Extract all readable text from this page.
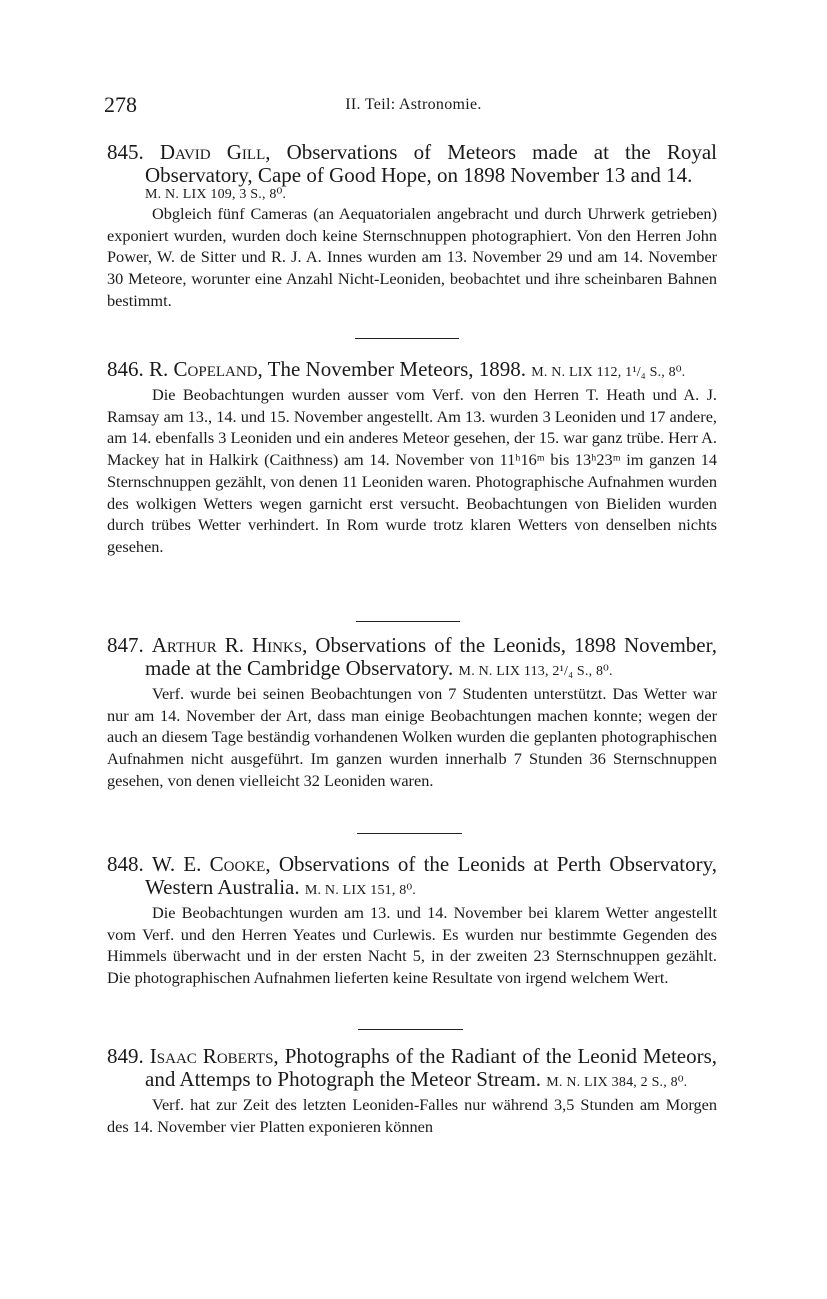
278	II. Teil: Astronomie.
845. David Gill, Observations of Meteors made at the Royal Observatory, Cape of Good Hope, on 1898 November 13 and 14.
M. N. LIX 109, 3 S., 8⁰.
Obgleich fünf Cameras (an Aequatorialen angebracht und durch Uhrwerk getrieben) exponiert wurden, wurden doch keine Sternschnuppen photographiert. Von den Herren John Power, W. de Sitter und R. J. A. Innes wurden am 13. November 29 und am 14. November 30 Meteore, worunter eine Anzahl Nicht-Leoniden, beobachtet und ihre scheinbaren Bahnen bestimmt.
846. R. Copeland, The November Meteors, 1898. M. N. LIX 112, 1¹/₄ S., 8⁰.
Die Beobachtungen wurden ausser vom Verf. von den Herren T. Heath und A. J. Ramsay am 13., 14. und 15. November angestellt. Am 13. wurden 3 Leoniden und 17 andere, am 14. ebenfalls 3 Leoniden und ein anderes Meteor gesehen, der 15. war ganz trübe. Herr A. Mackey hat in Halkirk (Caithness) am 14. November von 11ʰ16ᵐ bis 13ʰ23ᵐ im ganzen 14 Sternschnuppen gezählt, von denen 11 Leoniden waren. Photographische Aufnahmen wurden des wolkigen Wetters wegen garnicht erst versucht. Beobachtungen von Bieliden wurden durch trübes Wetter verhindert. In Rom wurde trotz klaren Wetters von denselben nichts gesehen.
847. Arthur R. Hinks, Observations of the Leonids, 1898 November, made at the Cambridge Observatory. M. N. LIX 113, 2¹/₄ S., 8⁰.
Verf. wurde bei seinen Beobachtungen von 7 Studenten unterstützt. Das Wetter war nur am 14. November der Art, dass man einige Beobachtungen machen konnte; wegen der auch an diesem Tage beständig vorhandenen Wolken wurden die geplanten photographischen Aufnahmen nicht ausgeführt. Im ganzen wurden innerhalb 7 Stunden 36 Sternschnuppen gesehen, von denen vielleicht 32 Leoniden waren.
848. W. E. Cooke, Observations of the Leonids at Perth Observatory, Western Australia. M. N. LIX 151, 8⁰.
Die Beobachtungen wurden am 13. und 14. November bei klarem Wetter angestellt vom Verf. und den Herren Yeates und Curlewis. Es wurden nur bestimmte Gegenden des Himmels überwacht und in der ersten Nacht 5, in der zweiten 23 Sternschnuppen gezählt. Die photographischen Aufnahmen lieferten keine Resultate von irgend welchem Wert.
849. Isaac Roberts, Photographs of the Radiant of the Leonid Meteors, and Attemps to Photograph the Meteor Stream. M. N. LIX 384, 2 S., 8⁰.
Verf. hat zur Zeit des letzten Leoniden-Falles nur während 3,5 Stunden am Morgen des 14. November vier Platten exponieren können
